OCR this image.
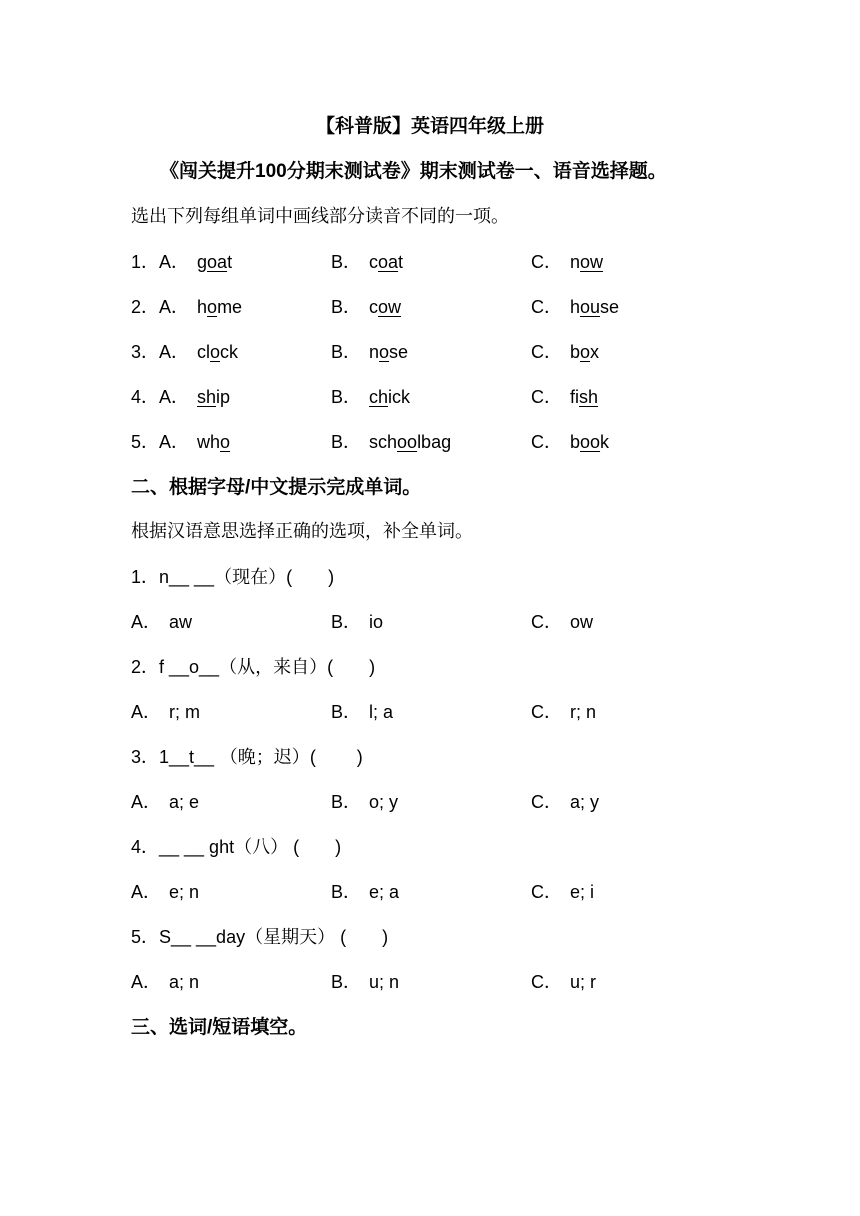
【科普版】英语四年级上册
《闯关提升100分期末测试卷》期末测试卷一、语音选择题。
选出下列每组单词中画线部分读音不同的一项。
1．A． goat	B． coat	C． now
2．A． home	B． cow	C． house
3．A． clock	B． nose	C． box
4．A． ship	B． chick	C． fish
5．A． who	B． schoolbag	C． book
二、根据字母/中文提示完成单词。
根据汉语意思选择正确的选项，补全单词。
1．n__ __（现在）(　　)
A． aw	B． io	C． ow
2．f __o__（从，来自）(　　)
A． r; m	B． l; a	C． r; n
3．1__t__ （晚；迟）(　　 )
A． a; e	B． o; y	C． a; y
4．__ __ ght（八） (　　)
A． e; n	B． e; a	C． e; i
5．S__ __day（星期天） (　　)
A． a; n	B． u; n	C． u; r
三、选词/短语填空。
